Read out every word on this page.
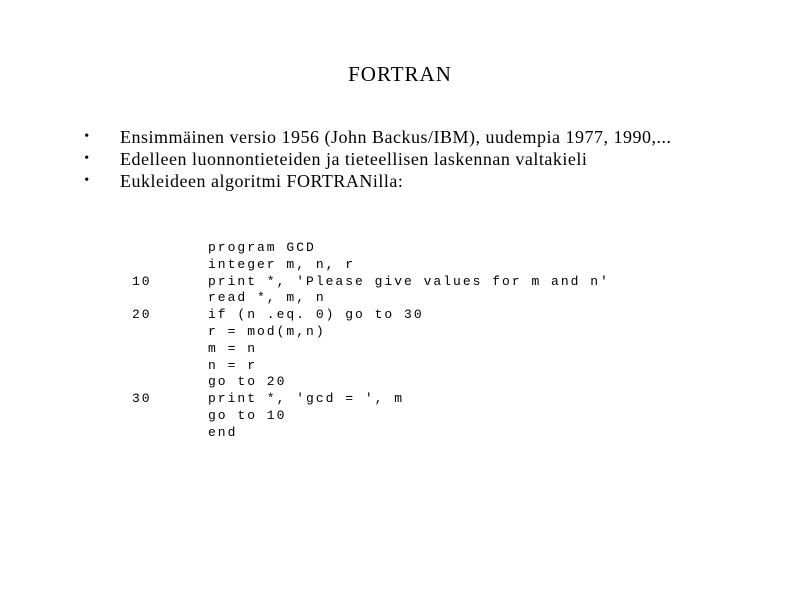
FORTRAN
• Ensimmäinen versio 1956 (John Backus/IBM), uudempia 1977, 1990,...
• Edelleen luonnontieteiden ja tieteellisen laskennan valtakieli
• Eukleideen algoritmi FORTRANilla:

program GCD

integer m, n, r

10

	print *, 'Please give values for m and n'

read *, m, n

20

	if (n .eq. 0) go to 30

r = mod(m,n)

m = n

n = r

go to 20

30

	print *, 'gcd = ', m

go to 10

end
